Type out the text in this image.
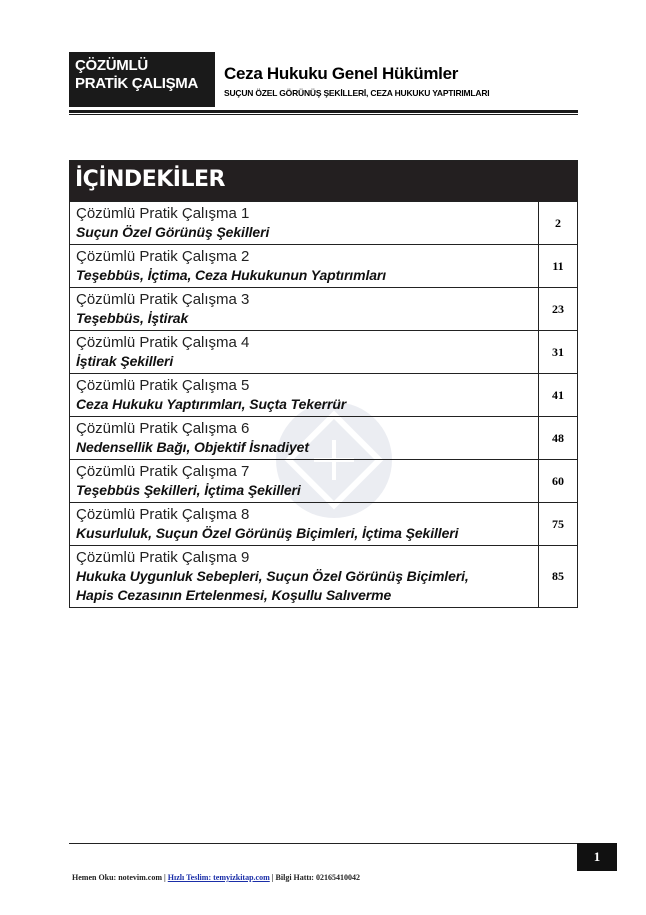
ÇÖZÜMLÜ
PRATİK ÇALIŞMA
Ceza Hukuku Genel Hükümler
SUÇUN ÖZEL GÖRÜNÜŞ ŞEKİLLERİ, CEZA HUKUKU YAPTIRIMLARI
İÇİNDEKİLER
Çözümlü Pratik Çalışma 1
Suçun Özel Görünüş Şekilleri
2
Çözümlü Pratik Çalışma 2
Teşebbüs, İçtima, Ceza Hukukunun Yaptırımları
11
Çözümlü Pratik Çalışma 3
Teşebbüs, İştirak
23
Çözümlü Pratik Çalışma 4
İştirak Şekilleri
31
Çözümlü Pratik Çalışma 5
Ceza Hukuku Yaptırımları, Suçta Tekerrür
41
Çözümlü Pratik Çalışma 6
Nedensellik Bağı, Objektif İsnadiyet
48
Çözümlü Pratik Çalışma 7
Teşebbüs Şekilleri, İçtima Şekilleri
60
Çözümlü Pratik Çalışma 8
Kusurluluk, Suçun Özel Görünüş Biçimleri, İçtima Şekilleri
75
Çözümlü Pratik Çalışma 9
Hukuka Uygunluk Sebepleri, Suçun Özel Görünüş Biçimleri,
Hapis Cezasının Ertelenmesi, Koşullu Salıverme
85
1
Hemen Oku: notevim.com | Hızlı Teslim: temyizkitap.com | Bilgi Hattı: 02165410042
